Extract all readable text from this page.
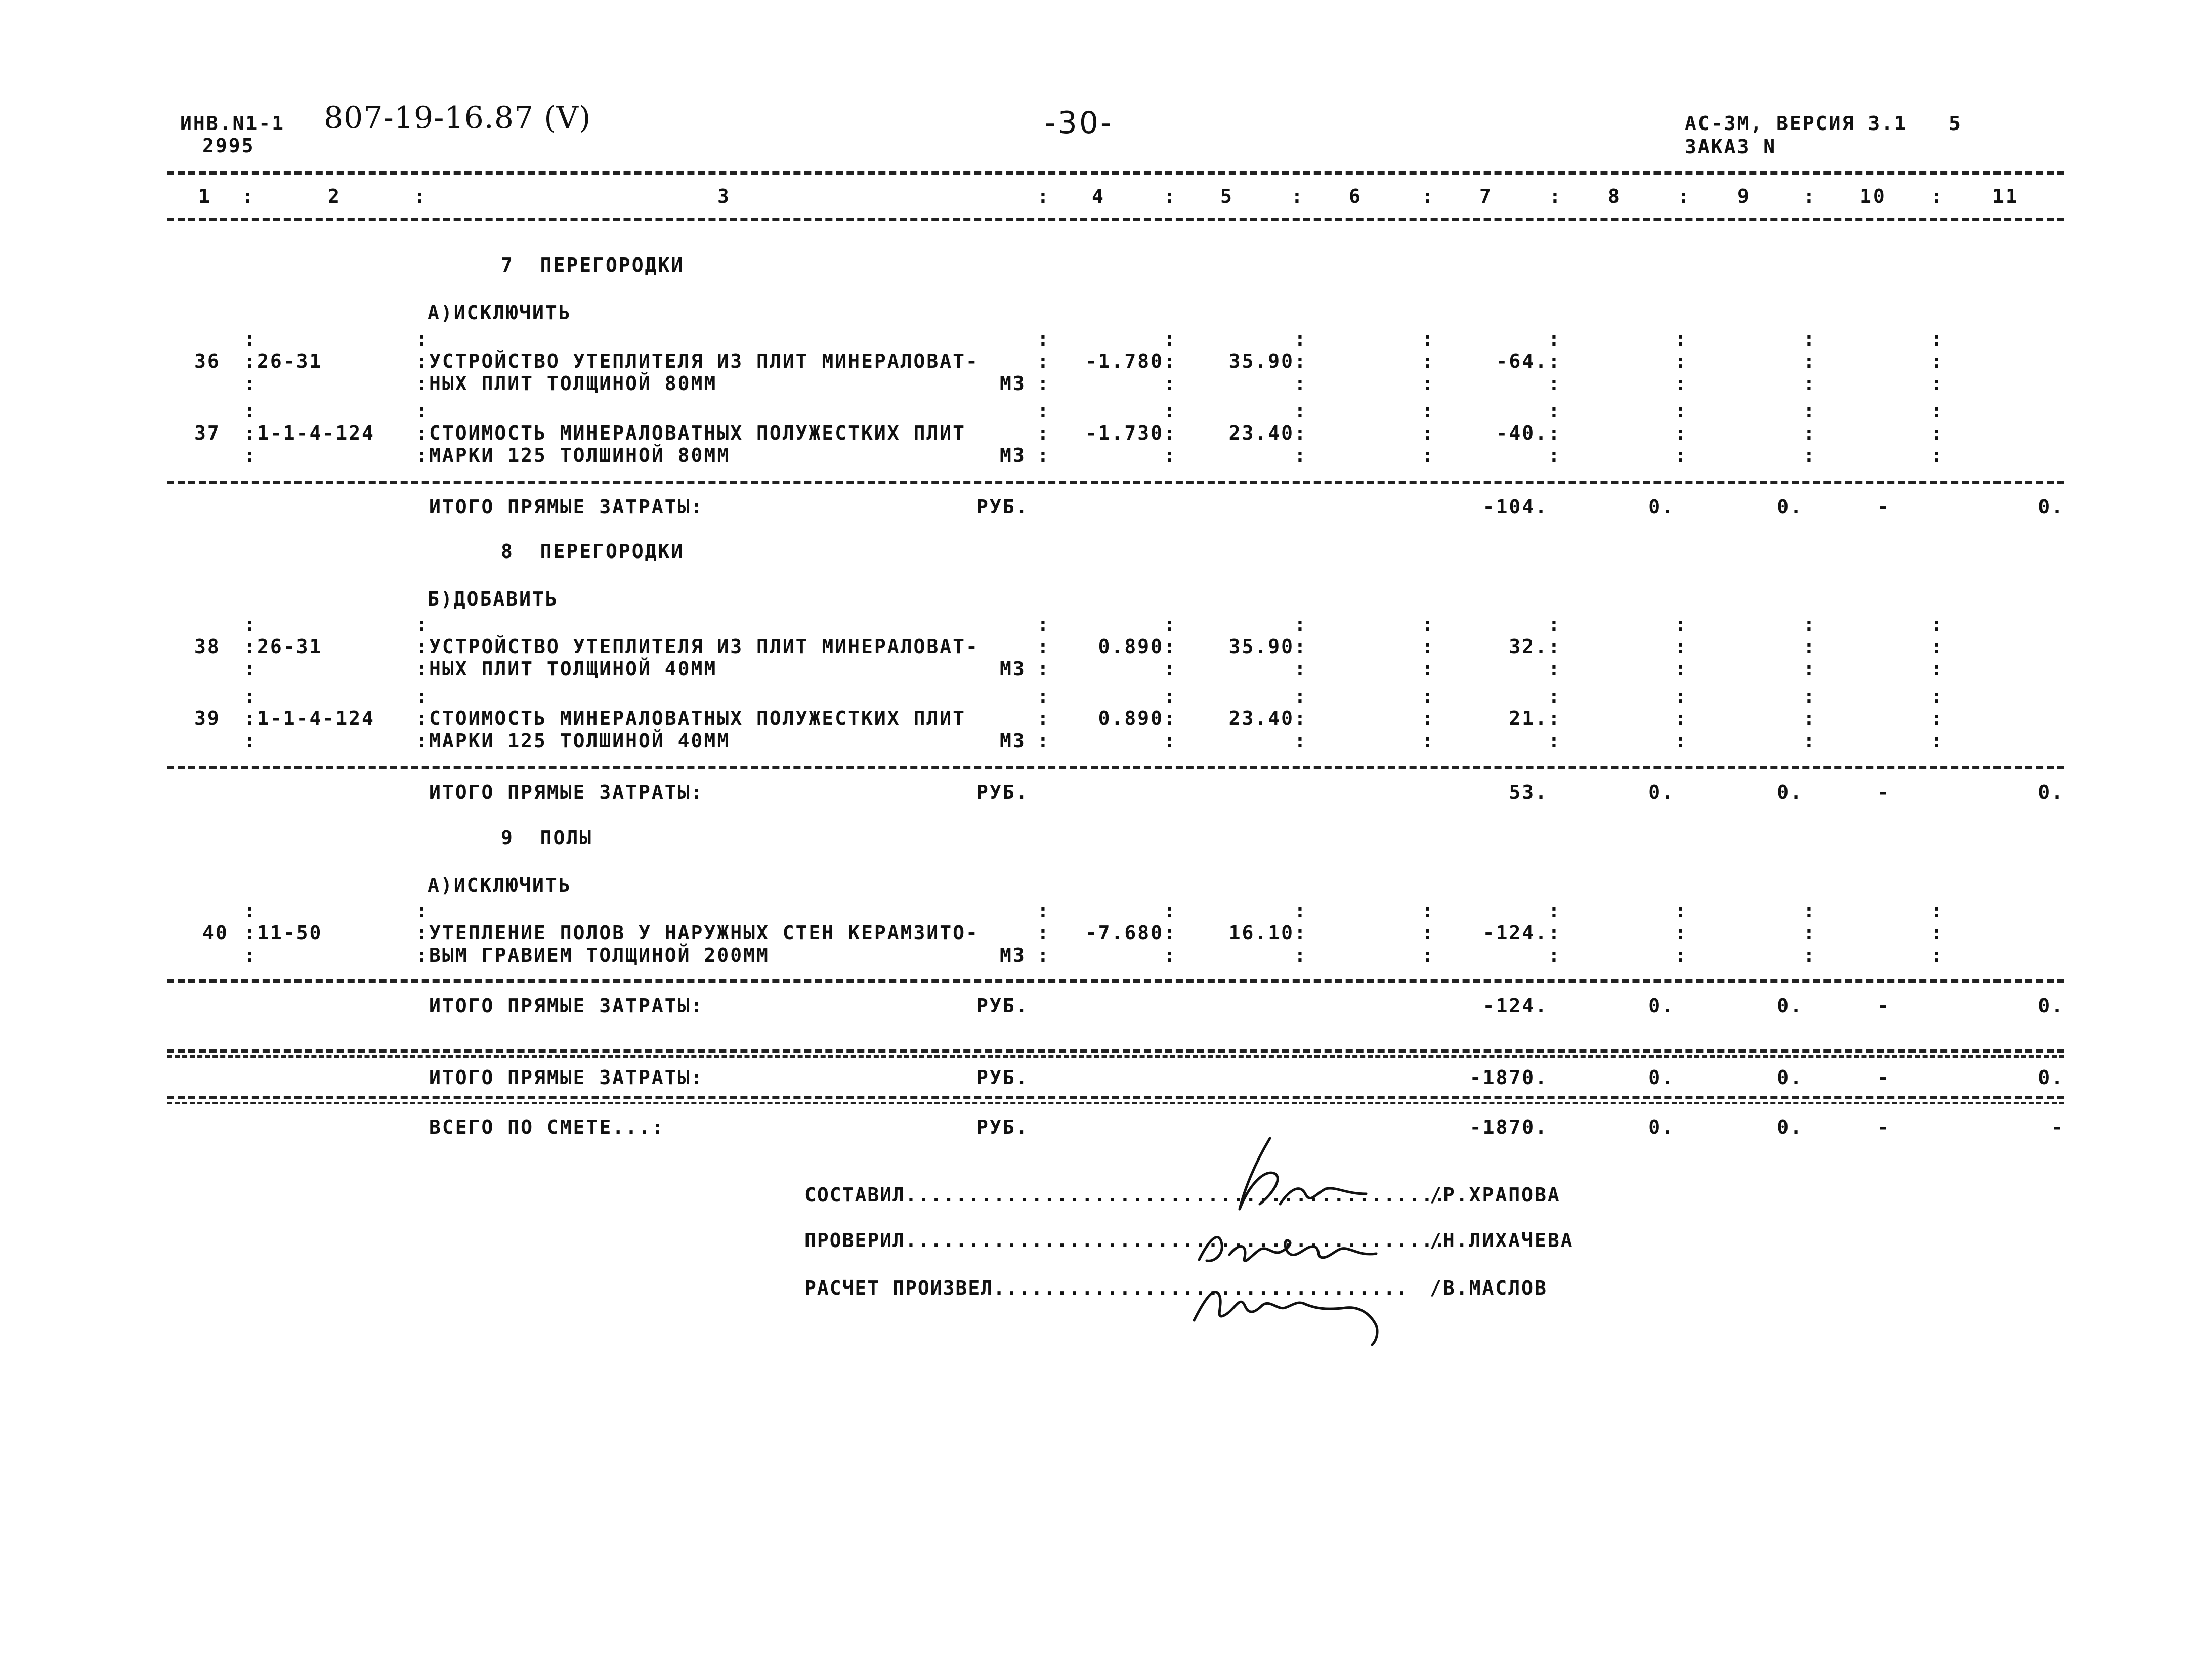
ИНВ.N1-1
2995
807-19-16.87 (V)	-30-	АС-3М, ВЕРСИЯ 3.1 5
ЗАКАЗ N
1	2	3	4	5	6	7	8	9	10	11
:	:	:	:	:	:	:	:	:	:
7  ПЕРЕГОРОДКИ
А)ИСКЛЮЧИТЬ
:	:	:	:	:	:	:	:	:	:
36 : 26-31	: УСТРОЙСТВО УТЕПЛИТЕЛЯ ИЗ ПЛИТ МИНЕРАЛОВАТ-	:	-1.780 :	35.90 :	:	-64. :	:	:	:
:	: НЫХ ПЛИТ ТОЛЩИНОЙ 80ММ	М3 :	:	:	:	:	:	:	:
:	:	:	:	:	:	:	:	:	:
37 : 1-1-4-124 : СТОИМОСТЬ МИНЕРАЛОВАТНЫХ ПОЛУЖЕСТКИХ ПЛИТ	:	-1.730 :	23.40 :	:	-40. :	:	:	:
:	: МАРКИ 125 ТОЛШИНОЙ 80ММ	М3 :	:	:	:	:	:	:	:
ИТОГО ПРЯМЫЕ ЗАТРАТЫ:	РУБ.	-104.	0.	0.	-	0.
8  ПЕРЕГОРОДКИ
Б)ДОБАВИТЬ
:	:	:	:	:	:	:	:	:	:
38 : 26-31	: УСТРОЙСТВО УТЕПЛИТЕЛЯ ИЗ ПЛИТ МИНЕРАЛОВАТ-	:	0.890 :	35.90 :	:	32. :	:	:	:
:	: НЫХ ПЛИТ ТОЛЩИНОЙ 40ММ	М3 :	:	:	:	:	:	:	:
:	:	:	:	:	:	:	:	:	:
39 : 1-1-4-124 : СТОИМОСТЬ МИНЕРАЛОВАТНЫХ ПОЛУЖЕСТКИХ ПЛИТ	:	0.890 :	23.40 :	:	21. :	:	:	:
:	: МАРКИ 125 ТОЛШИНОЙ 40ММ	М3 :	:	:	:	:	:	:	:
ИТОГО ПРЯМЫЕ ЗАТРАТЫ:	РУБ.	53.	0.	0.	-	0.
9  ПОЛЫ
А)ИСКЛЮЧИТЬ
:	:	:	:	:	:	:	:	:	:
40 : 11-50	: УТЕПЛЕНИЕ ПОЛОВ У НАРУЖНЫХ СТЕН КЕРАМЗИТО-	:	-7.680 :	16.10 :	:	-124. :	:	:	:
:	: ВЫМ ГРАВИЕМ ТОЛЩИНОЙ 200ММ	М3 :	:	:	:	:	:	:	:
ИТОГО ПРЯМЫЕ ЗАТРАТЫ:	РУБ.	-124.	0.	0.	-	0.
ИТОГО ПРЯМЫЕ ЗАТРАТЫ:	РУБ.	-1870.	0.	0.	-	0.
ВСЕГО ПО СМЕТЕ...:	РУБ.	-1870.	0.	0.	-	-
СОСТАВИЛ...........................................
/Р.ХРАПОВА
ПРОВЕРИЛ...........................................
/Н.ЛИХАЧЕВА
РАСЧЕТ ПРОИЗВЕЛ................................. /В.МАСЛОВ
